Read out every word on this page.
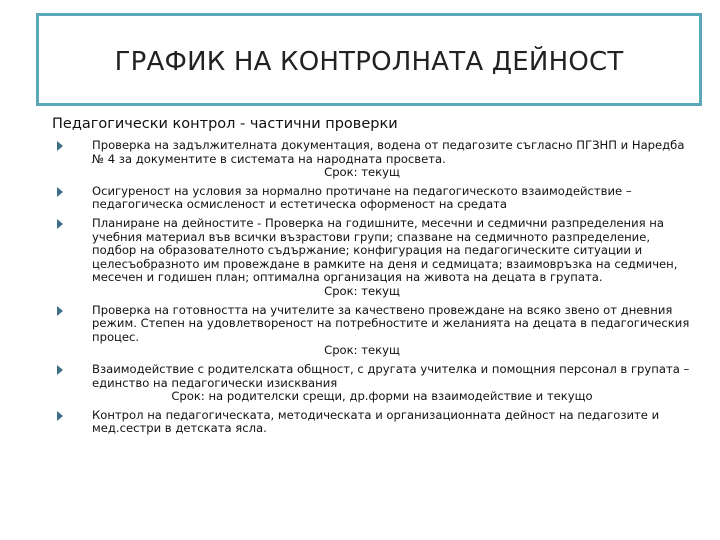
ГРАФИК НА КОНТРОЛНАТА ДЕЙНОСТ
Педагогически контрол - частични проверки
Проверка на задължителната документация, водена от педагозите съгласно ПГЗНП и Наредба № 4 за документите в системата на народната просвета.
Срок: текущ
Осигуреност на условия за нормално протичане на педагогическото взаимодействие – педагогическа осмисленост и естетическа оформеност на средата
Планиране на дейностите - Проверка на годишните, месечни и седмични разпределения на учебния материал във всички възрастови групи; спазване на седмичното разпределение, подбор на образователното съдържание; конфигурация на педагогическите ситуации и целесъобразното им провеждане в рамките на деня и седмицата; взаимовръзка на седмичен, месечен и годишен план; оптимална организация на живота на децата в групата.
Срок: текущ
Проверка на готовността на учителите за качествено провеждане на всяко звено от дневния режим. Степен на удовлетвореност на потребностите и желанията на децата в педагогическия процес.
Срок: текущ
Взаимодействие с родителската общност, с другата учителка и помощния персонал в групата – единство на педагогически изисквания
Срок: на родителски срещи, др.форми на взаимодействие и текущо
Контрол на педагогическата, методическата и организационната дейност на педагозите и мед.сестри в детската ясла.
